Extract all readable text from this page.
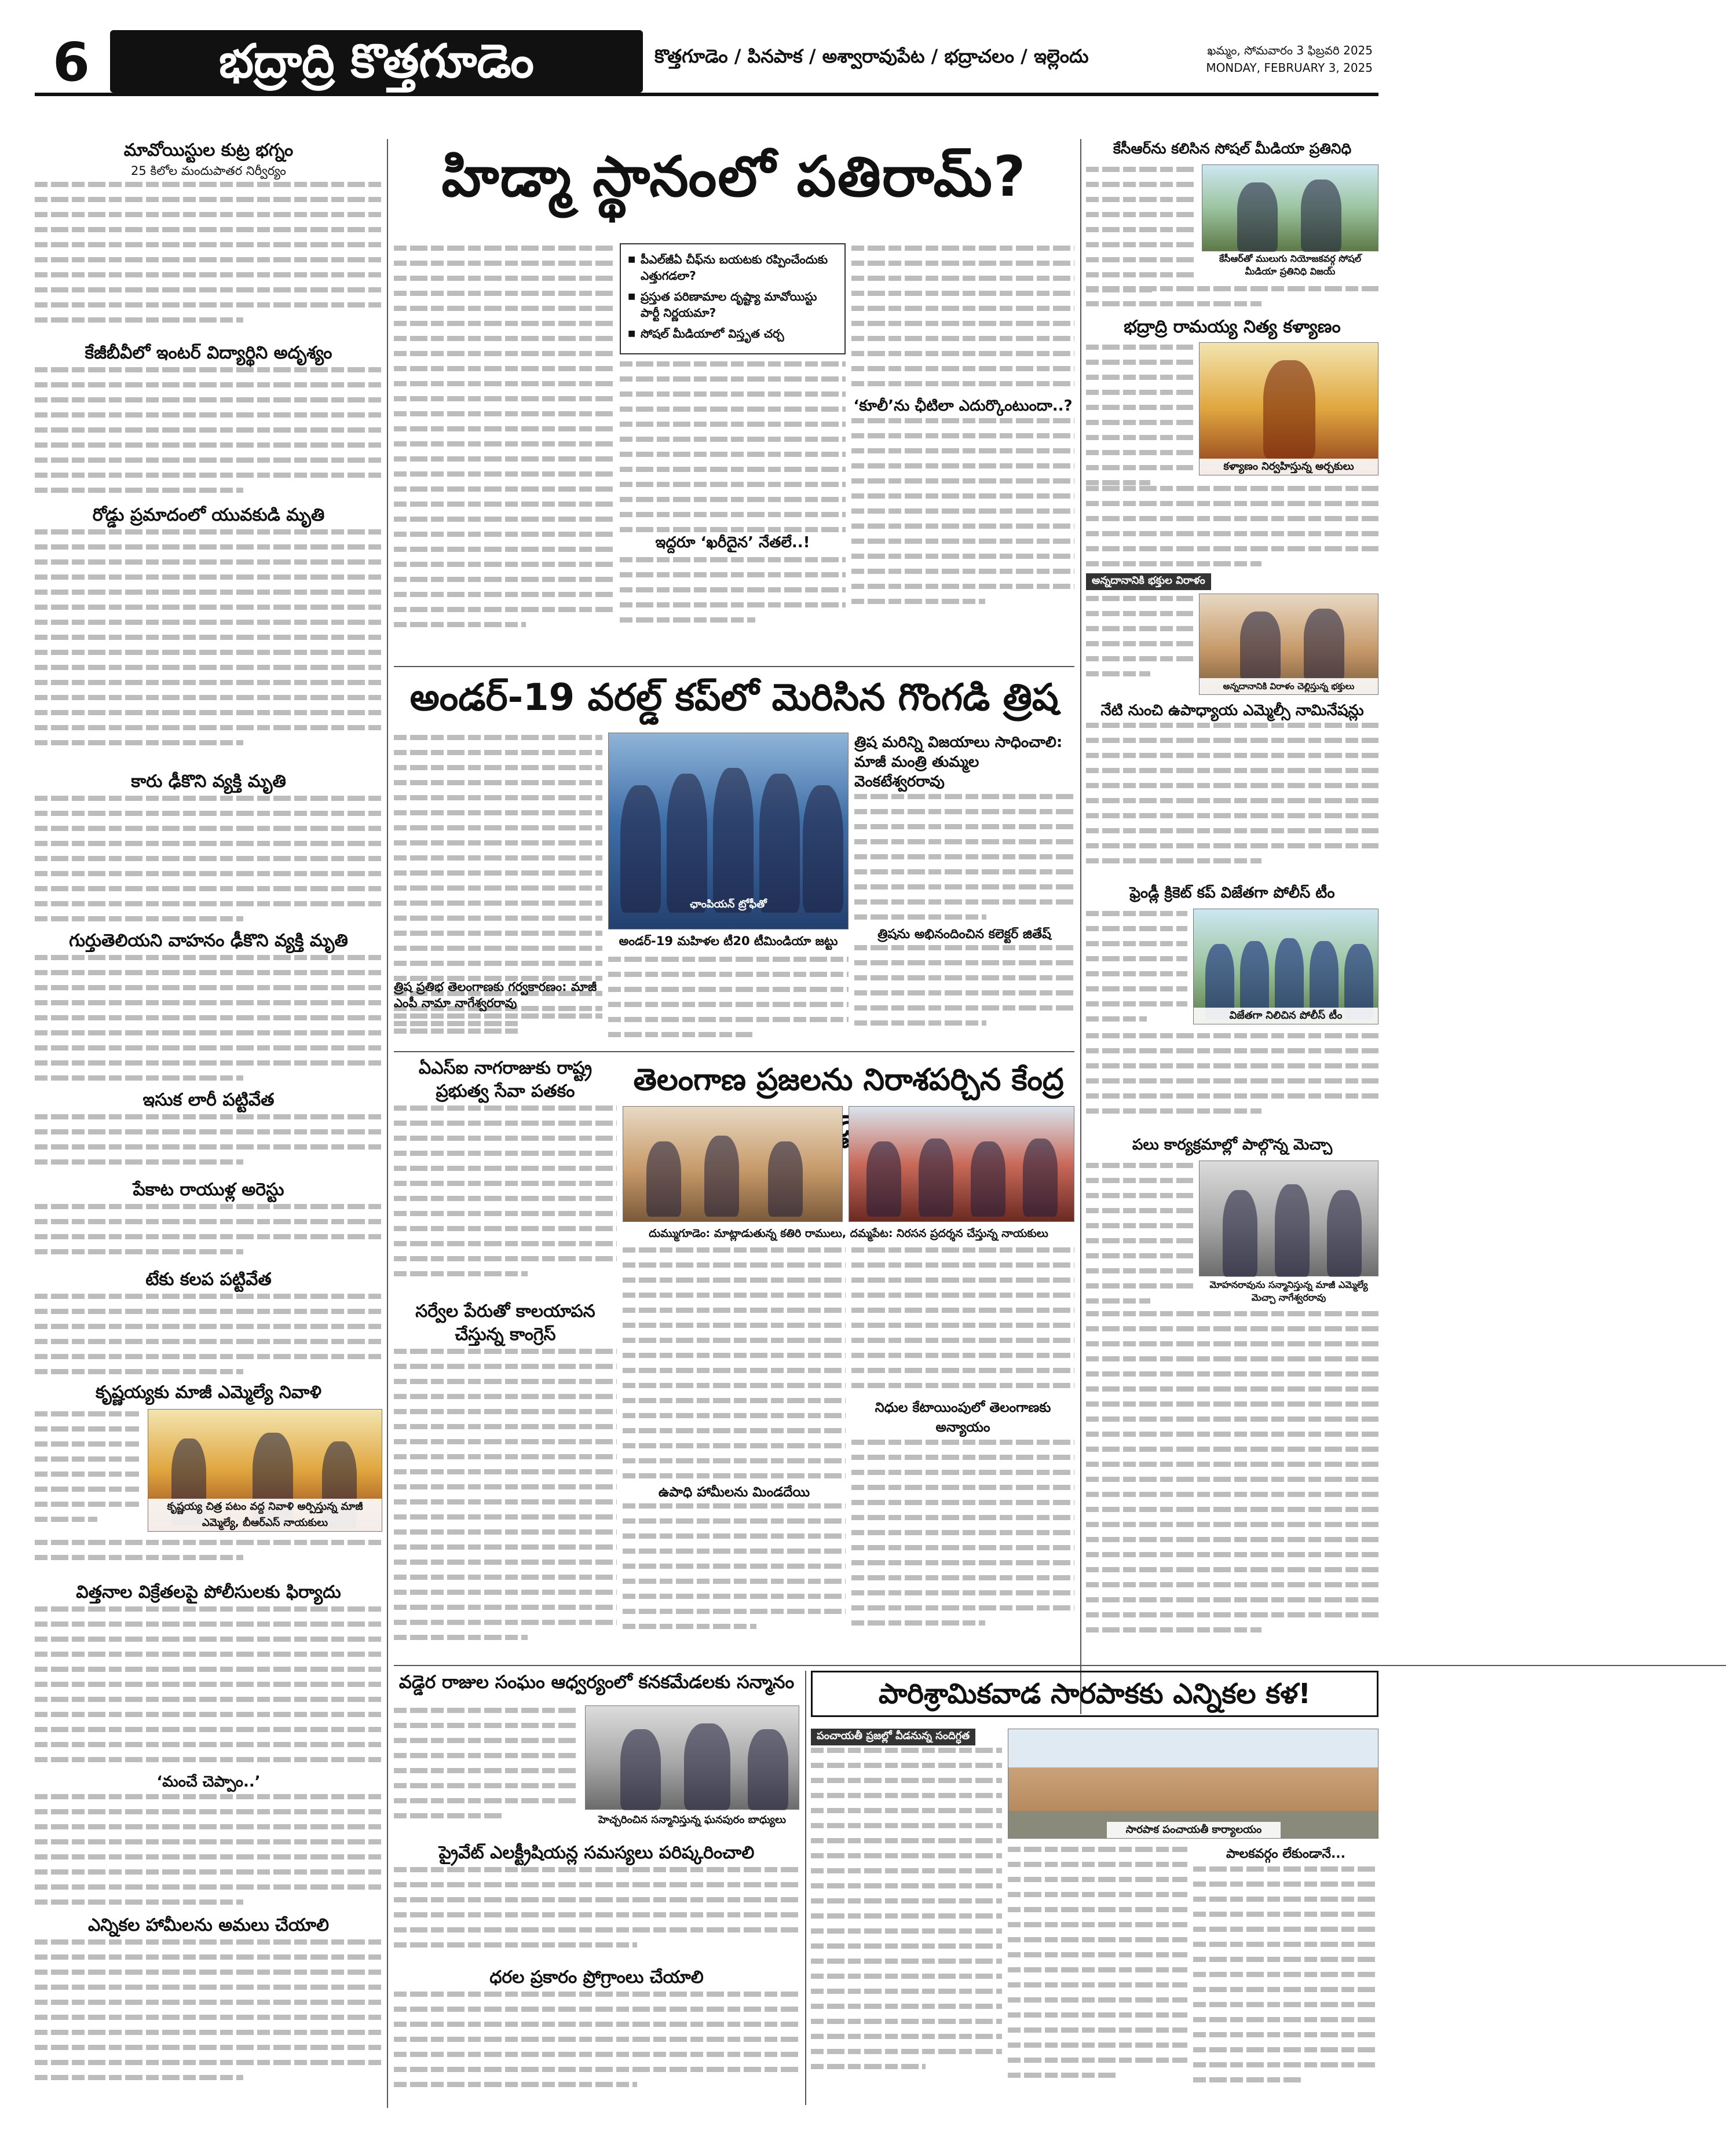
6	భద్రాద్రి కొత్తగూడెం	కొత్తగూడెం / పినపాక / అశ్వారావుపేట / భద్రాచలం / ఇల్లెందు	ఖమ్మం, సోమవారం 3 ఫిబ్రవరి 2025
MONDAY, FEBRUARY 3, 2025
మావోయిస్టుల కుట్ర భగ్నం
25 కిలోల మందుపాతర నిర్వీర్యం
కేజీబీవీలో ఇంటర్ విద్యార్థిని అదృశ్యం
రోడ్డు ప్రమాదంలో యువకుడి మృతి
కారు ఢీకొని వ్యక్తి మృతి
గుర్తుతెలియని వాహనం ఢీకొని వ్యక్తి మృతి
ఇసుక లారీ పట్టివేత
పేకాట రాయుళ్ల అరెస్టు
టేకు కలప పట్టివేత
కృష్ణయ్యకు మాజీ ఎమ్మెల్యే నివాళి
కృష్ణయ్య చిత్ర పటం వద్ద నివాళి అర్పిస్తున్న మాజీ ఎమ్మెల్యే, బీఆర్ఎస్ నాయకులు
విత్తనాల విక్రేతలపై పోలీసులకు ఫిర్యాదు
‘మంచే చెప్పాం..’
ఎన్నికల హామీలను అమలు చేయాలి
హిడ్మా స్థానంలో పతిరామ్?
■ పీఎల్‌జీఏ చీఫ్‌ను బయటకు రప్పించేందుకు ఎత్తుగడలా?
■ ప్రస్తుత పరిణామాల దృష్ట్యా మావోయిస్టు పార్టీ నిర్ణయమా?
■ సోషల్ మీడియాలో విస్తృత చర్చ
‘కూలీ’ను ఛీటిలా ఎదుర్కొంటుందా..?
ఇద్దరూ ‘ఖరీదైన’ నేతలే..!
అండర్-19 వరల్డ్ కప్‌లో మెరిసిన గొంగడి త్రిష
ఛాంపియన్ ట్రోఫీతో
అండర్-19 మహిళల టీ20 టీమిండియా జట్టు
త్రిష మరిన్ని విజయాలు సాధించాలి: మాజీ మంత్రి తుమ్మల వెంకటేశ్వరరావు
త్రిష ప్రతిభ తెలంగాణకు గర్వకారణం: మాజీ ఎంపీ నామా నాగేశ్వరరావు
త్రిషను అభినందించిన కలెక్టర్ జితేష్
ఏఎస్ఐ నాగరాజుకు రాష్ట్ర ప్రభుత్వ సేవా పతకం
సర్వేల పేరుతో కాలయాపన చేస్తున్న కాంగ్రెస్
తెలంగాణ ప్రజలను నిరాశపర్చిన కేంద్ర
దుమ్ముగూడెం: మాట్లాడుతున్న కతిరి రాములు, దమ్మపేట: నిరసన ప్రదర్శన చేస్తున్న నాయకులు
నిధుల కేటాయింపులో తెలంగాణకు అన్యాయం
ఉపాధి హామీలను మిండదేయి
వడ్డెర రాజుల సంఘం ఆధ్వర్యంలో కనకమేడలకు సన్మానం
హెచ్చరించిన సన్మానిస్తున్న ఘనపురం బాధ్యులు
ప్రైవేట్ ఎలక్ట్రీషియన్ల సమస్యలు పరిష్కరించాలి
ధరల ప్రకారం ప్రోగ్రాంలు చేయాలి
పారిశ్రామికవాడ సారపాకకు ఎన్నికల కళ!
పంచాయతీ ప్రజల్లో వీడనున్న సందిగ్ధత
సారపాక పంచాయతీ కార్యాలయం
పాలకవర్గం లేకుండానే...
కేసీఆర్‌ను కలిసిన సోషల్ మీడియా ప్రతినిధి
కేసీఆర్‌తో ములుగు నియోజకవర్గ సోషల్ మీడియా ప్రతినిధి విజయ్
భద్రాద్రి రామయ్య నిత్య కళ్యాణం
కళ్యాణం నిర్వహిస్తున్న అర్చకులు
అన్నదానానికి భక్తుల విరాళం
అన్నదానానికి విరాళం చెల్లిస్తున్న భక్తులు
నేటి నుంచి ఉపాధ్యాయ ఎమ్మెల్సీ నామినేషన్లు
ఫ్రెండ్లీ క్రికెట్ కప్ విజేతగా పోలీస్ టీం
విజేతగా నిలిచిన పోలీస్ టీం
పలు కార్యక్రమాల్లో పాల్గొన్న మెచ్చా
మోహనరావును సన్మానిస్తున్న మాజీ ఎమ్మెల్యే మెచ్చా నాగేశ్వరరావు
